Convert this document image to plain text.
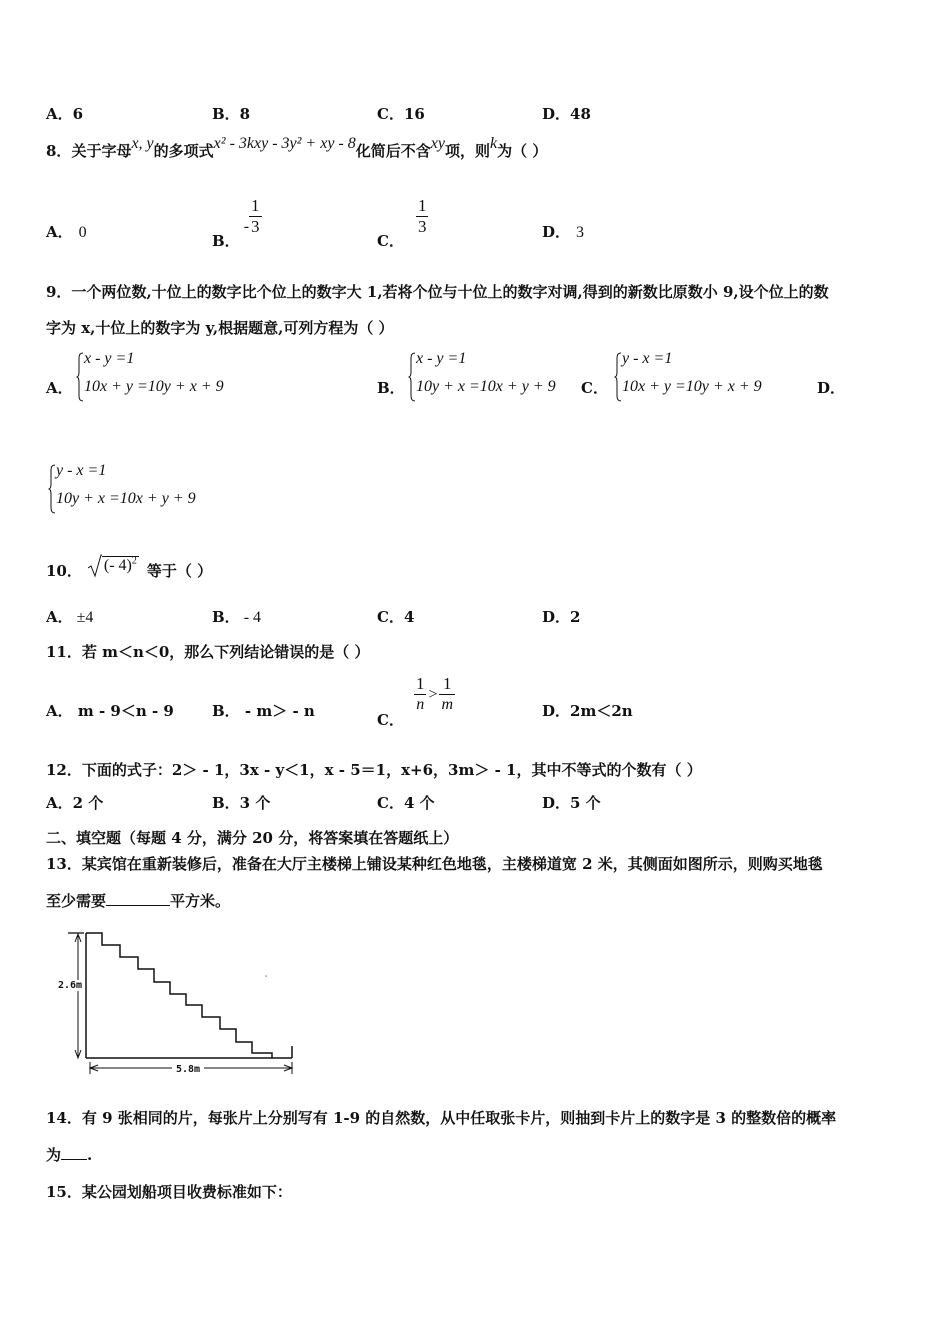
A．6	B．8	C．16	D．48
8．关于字母x, y的多项式x² - 3kxy - 3y² + xy - 8化简后不含xy项，则k为（ ）
A． 0	B．- $\frac{1}{3}$
C．
$\frac{1}{3}$	D． 3
9．一个两位数,十位上的数字比个位上的数字大 1,若将个位与十位上的数字对调,得到的新数比原数小 9,设个位上的数
字为 x,十位上的数字为 y,根据题意,可列方程为（ ）
A．
x - y =1
10x + y =10y + x + 9	B．
x - y =1
10y + x =10x + y + 9 C．
y - x =1
10x + y =10y + x + 9	D．
y - x =1
10y + x =10x + y + 9
10． (- 4)$^2$等于（ ）
A． ±4	B． - 4	C．4	D．2
11．若 m＜n＜0，那么下列结论错误的是（ ）
A． m - 9＜n - 9	B． - m＞ - n	C．
$\frac{1}{n} > \frac{1}{m}$	D．2m＜2n
12．下面的式子：2＞ - 1，3x - y＜1，x - 5＝1，x+6，3m＞ - 1，其中不等式的个数有（ ）
A．2 个	B．3 个	C．4 个	D．5 个
二、填空题（每题 4 分，满分 20 分，将答案填在答题纸上）
13．某宾馆在重新装修后，准备在大厅主楼梯上铺设某种红色地毯，主楼梯道宽 2 米，其侧面如图所示，则购买地毯
至少需要	平方米。
2.6m
5.8m
14．有 9 张相同的片，每张片上分别写有 1-9 的自然数，从中任取张卡片，则抽到卡片上的数字是 3 的整数倍的概率
为 .
15．某公园划船项目收费标准如下：
